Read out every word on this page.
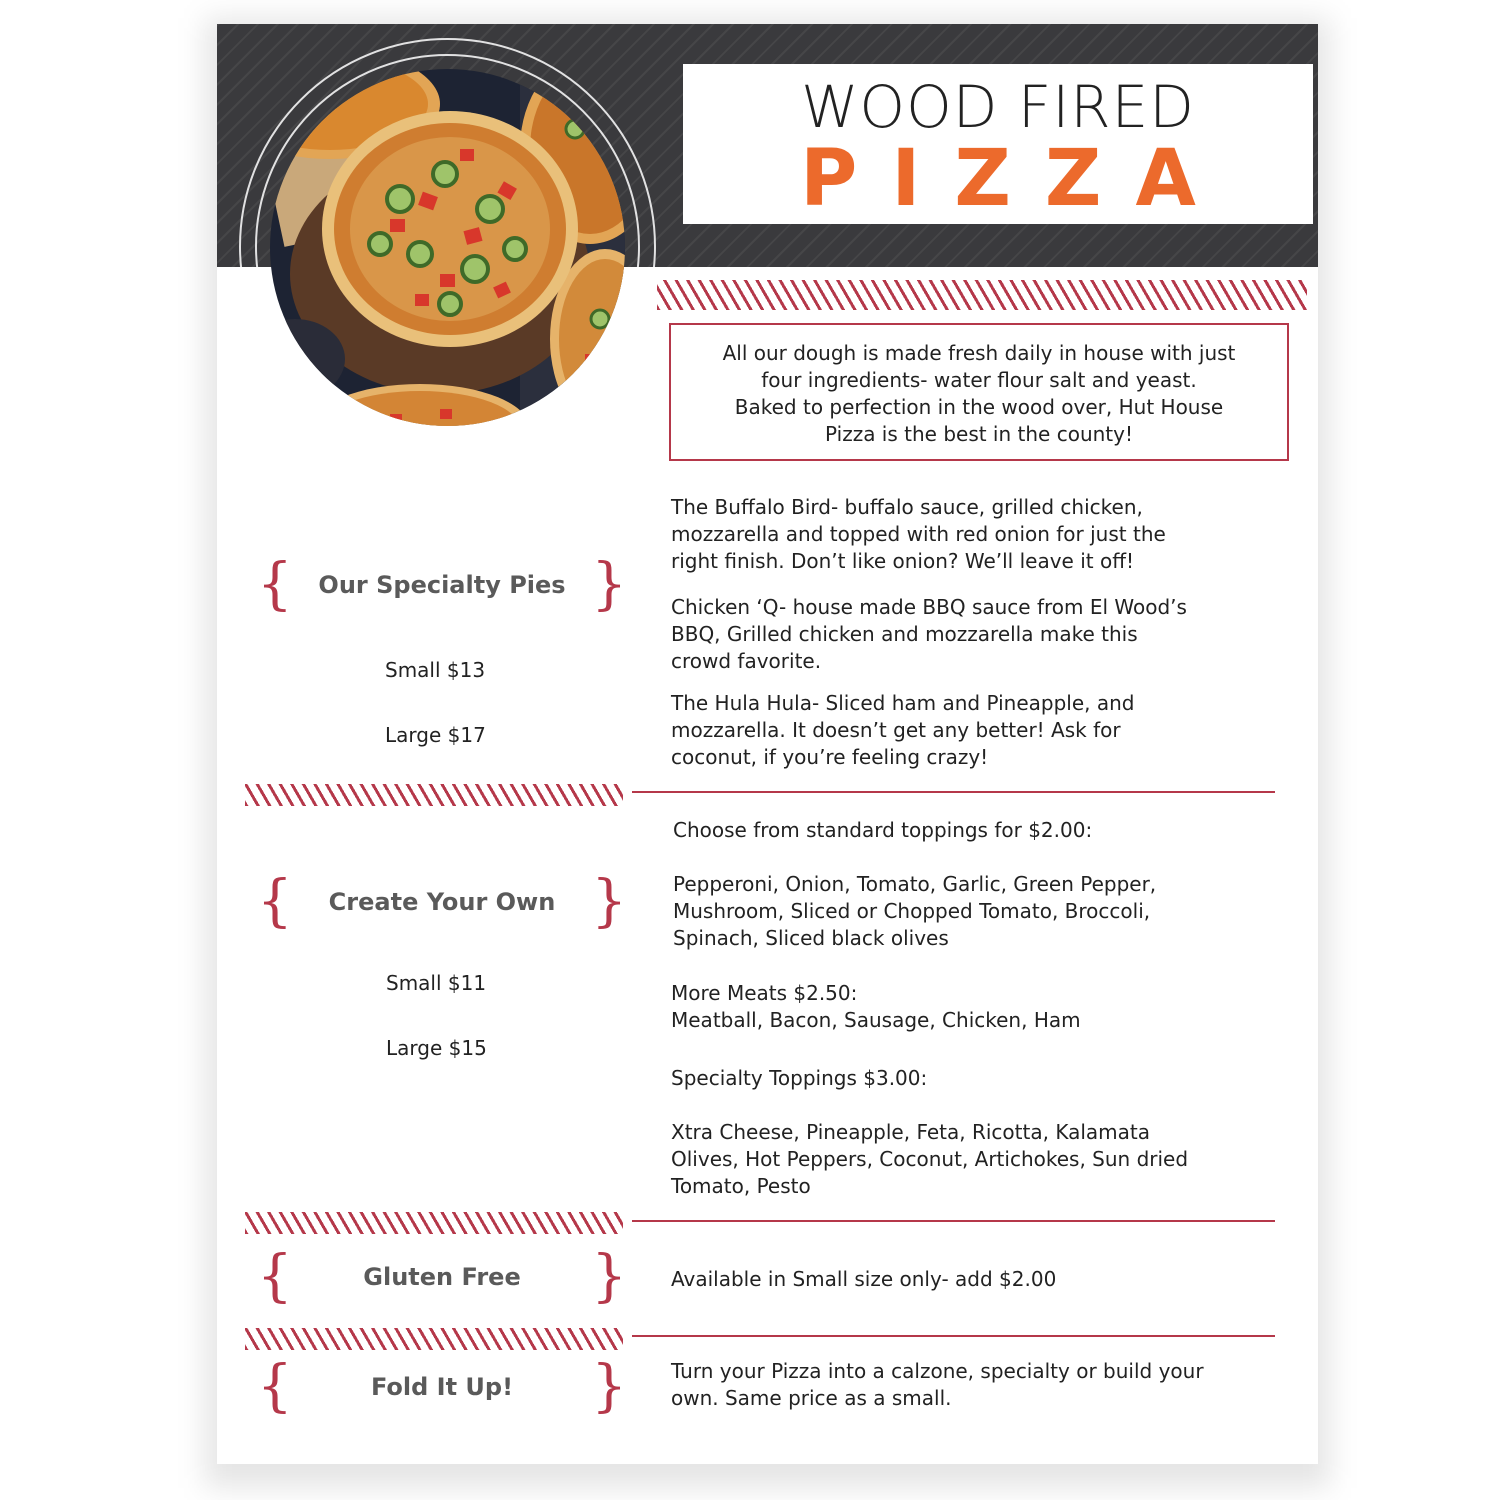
WOOD FIRED
PIZZA
All our dough is made fresh daily in house with just
four ingredients- water flour salt and yeast.
Baked to perfection in the wood over, Hut House
Pizza is the best in the county!
{	Our Specialty Pies }
Small $13
Large $17

The Buffalo Bird- buffalo sauce, grilled chicken,
mozzarella and topped with red onion for just the
right finish. Don’t like onion? We’ll leave it off!

Chicken ‘Q- house made BBQ sauce from El Wood’s
BBQ, Grilled chicken and mozzarella make this
crowd favorite.

The Hula Hula- Sliced ham and Pineapple, and
mozzarella. It doesn’t get any better! Ask for
coconut, if you’re feeling crazy!

{	Create Your Own }
Small $11
Large $15

Choose from standard toppings for $2.00:

Pepperoni, Onion, Tomato, Garlic, Green Pepper,
Mushroom, Sliced or Chopped Tomato, Broccoli,
Spinach, Sliced black olives

More Meats $2.50:
Meatball, Bacon, Sausage, Chicken, Ham

Specialty Toppings $3.00:

Xtra Cheese, Pineapple, Feta, Ricotta, Kalamata
Olives, Hot Peppers, Coconut, Artichokes, Sun dried
Tomato, Pesto

{	Gluten Free	} Available in Small size only- add $2.00

{	Fold It Up!	} Turn your Pizza into a calzone, specialty or build your
own. Same price as a small.
